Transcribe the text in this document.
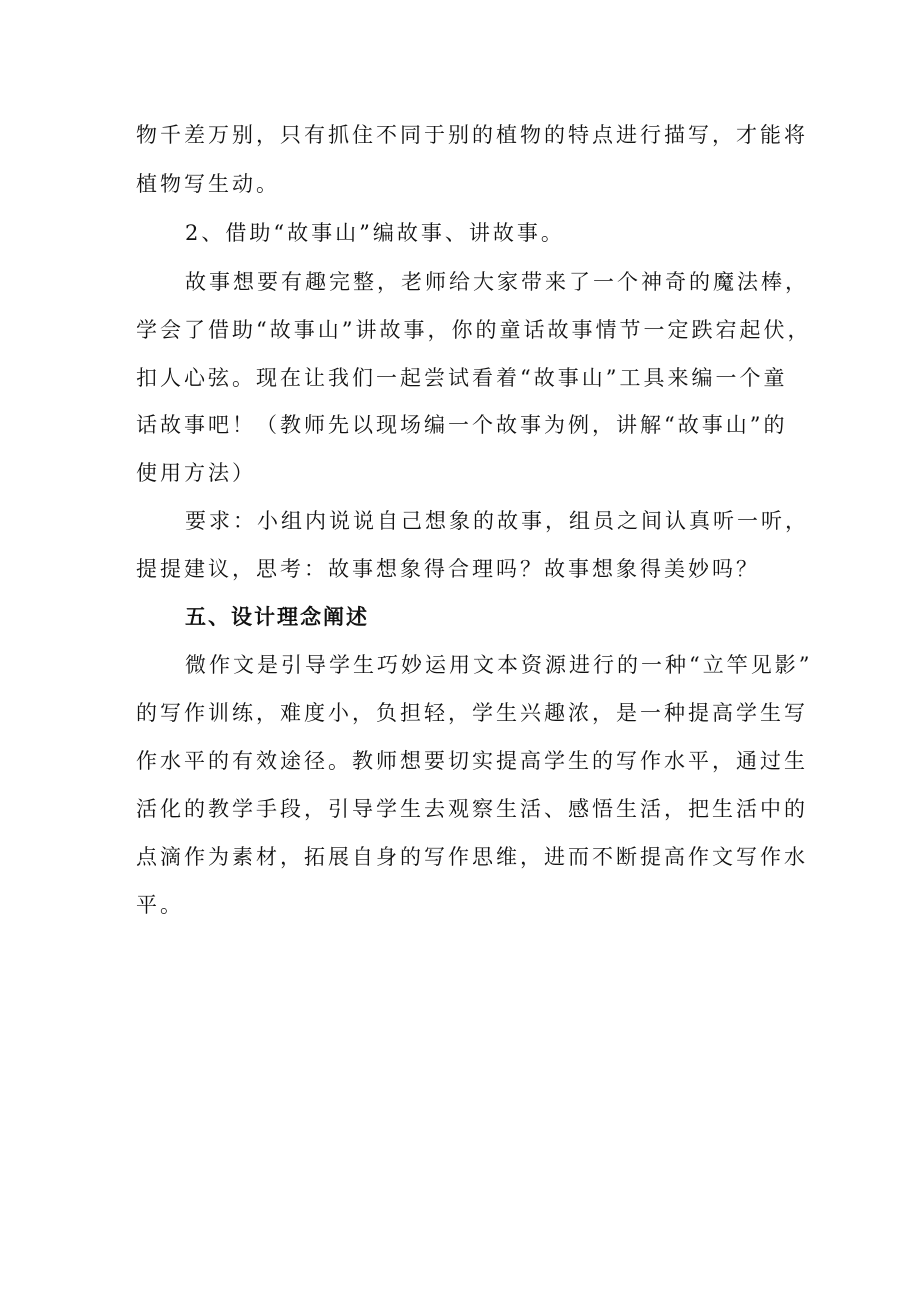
物千差万别，只有抓住不同于别的植物的特点进行描写，才能将

植物写生动。

2、借助“故事山”编故事、讲故事。

故事想要有趣完整，老师给大家带来了一个神奇的魔法棒，

学会了借助“故事山”讲故事，你的童话故事情节一定跌宕起伏，

扣人心弦。现在让我们一起尝试看着“故事山”工具来编一个童

话故事吧！（教师先以现场编一个故事为例，讲解“故事山”的

使用方法）

要求：小组内说说自己想象的故事，组员之间认真听一听，

提提建议，思考：故事想象得合理吗？故事想象得美妙吗？

五、设计理念阐述

微作文是引导学生巧妙运用文本资源进行的一种“立竿见影”

的写作训练，难度小，负担轻，学生兴趣浓，是一种提高学生写

作水平的有效途径。教师想要切实提高学生的写作水平，通过生

活化的教学手段，引导学生去观察生活、感悟生活，把生活中的

点滴作为素材，拓展自身的写作思维，进而不断提高作文写作水

平。
